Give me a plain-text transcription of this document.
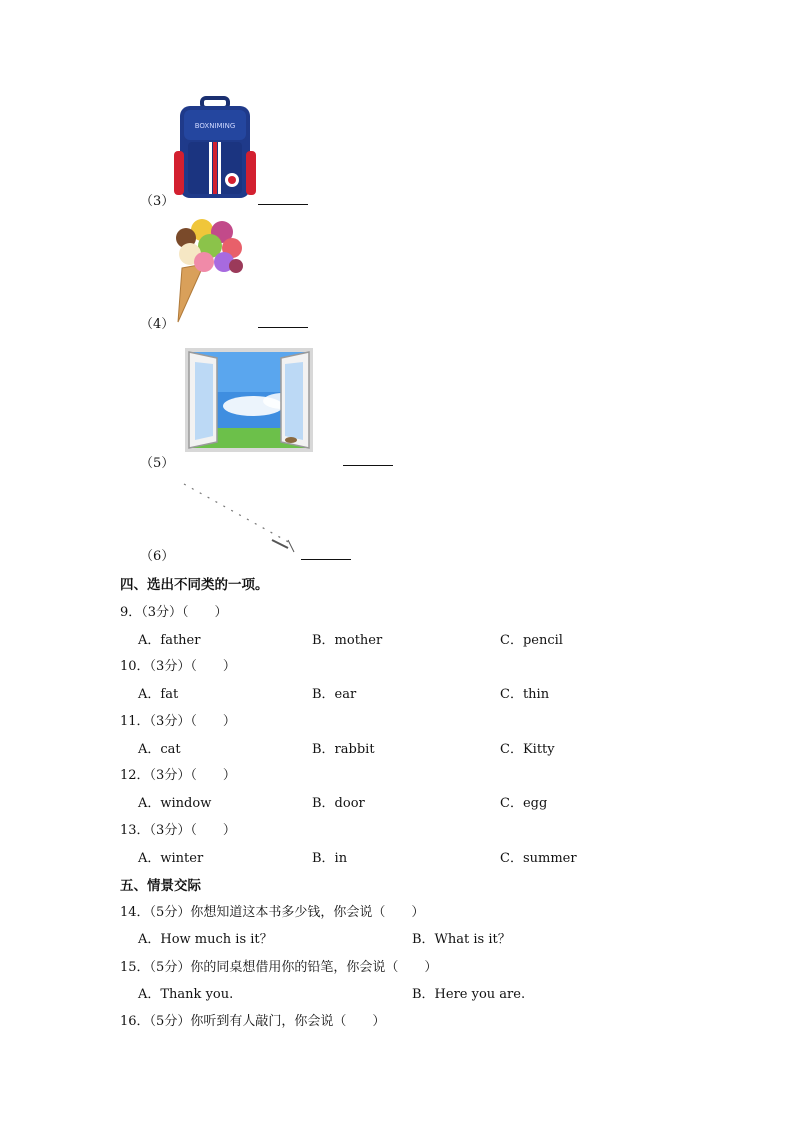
BOXNIMING
（3）
（4）
（5）
（6）
四、选出不同类的一项。
9．（3分）（　　）
A．father	B．mother	C．pencil
10．（3分）（　　）
A．fat	B．ear	C．thin
11．（3分）（　　）
A．cat	B．rabbit	C．Kitty
12．（3分）（　　）
A．window	B．door	C．egg
13．（3分）（　　）
A．winter	B．in	C．summer
五、情景交际
14．（5分）你想知道这本书多少钱，你会说（　　）
A．How much is it？	B．What is it？
15．（5分）你的同桌想借用你的铅笔，你会说（　　）
A．Thank you.	B．Here you are.
16．（5分）你听到有人敲门，你会说（　　）
